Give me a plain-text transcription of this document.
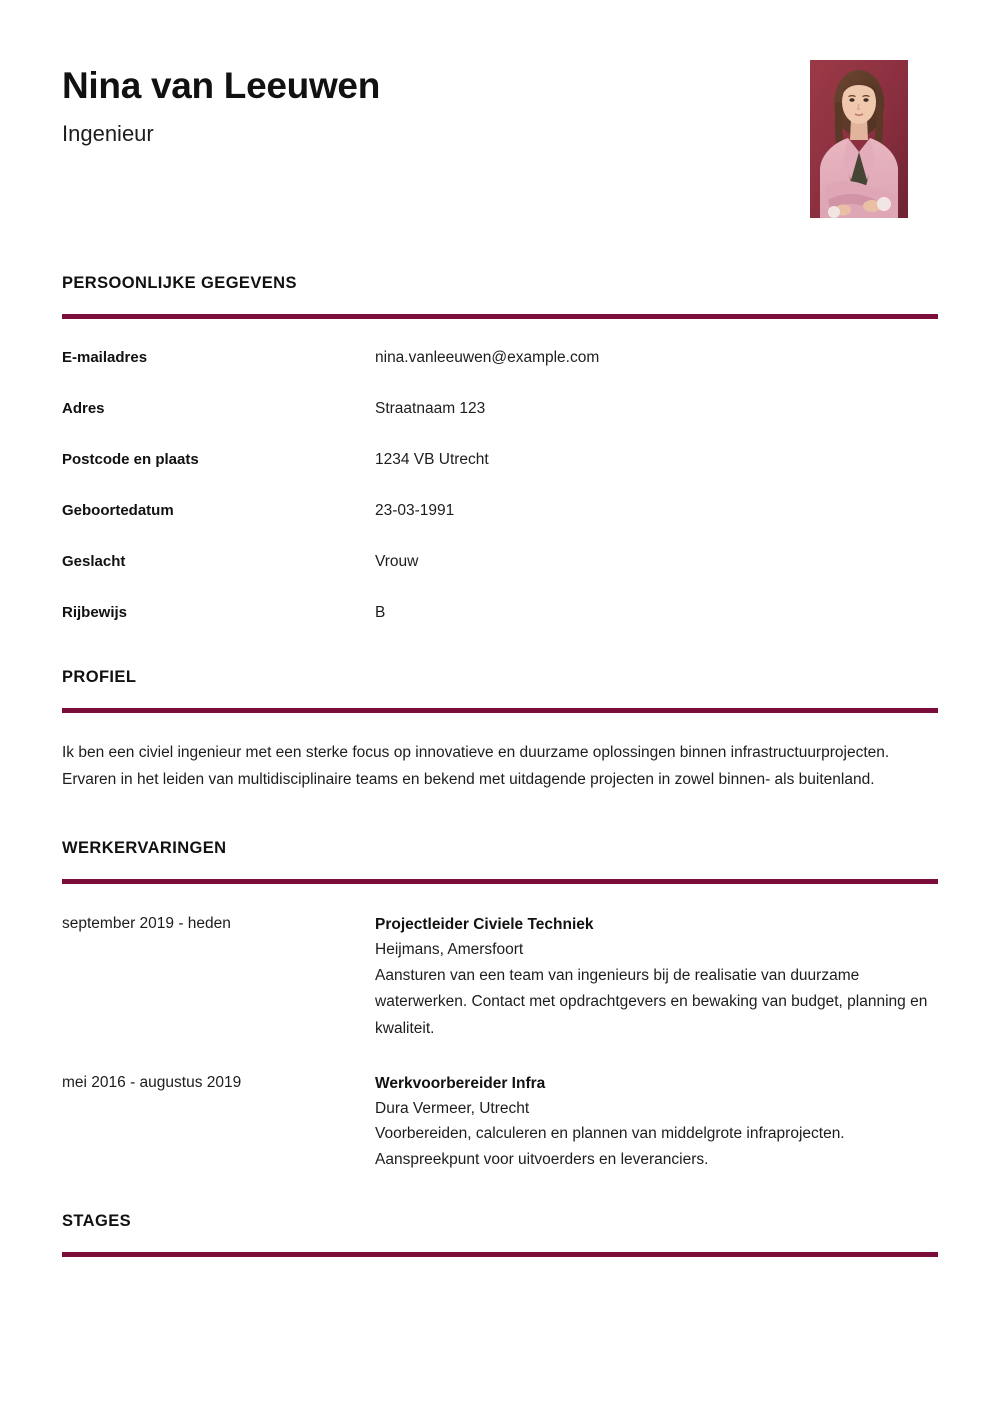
Nina van Leeuwen
Ingenieur
PERSOONLIJKE GEGEVENS
E-mailadres	nina.vanleeuwen@example.com
Adres	Straatnaam 123
Postcode en plaats	1234 VB Utrecht
Geboortedatum	23-03-1991
Geslacht	Vrouw
Rijbewijs	B
PROFIEL
Ik ben een civiel ingenieur met een sterke focus op innovatieve en duurzame oplossingen binnen infrastructuurprojecten. Ervaren in het leiden van multidisciplinaire teams en bekend met uitdagende projecten in zowel binnen- als buitenland.
WERKERVARINGEN
september 2019 - heden	Projectleider Civiele Techniek
Heijmans, Amersfoort
Aansturen van een team van ingenieurs bij de realisatie van duurzame waterwerken. Contact met opdrachtgevers en bewaking van budget, planning en kwaliteit.
mei 2016 - augustus 2019	Werkvoorbereider Infra
Dura Vermeer, Utrecht
Voorbereiden, calculeren en plannen van middelgrote infraprojecten. Aanspreekpunt voor uitvoerders en leveranciers.
STAGES
